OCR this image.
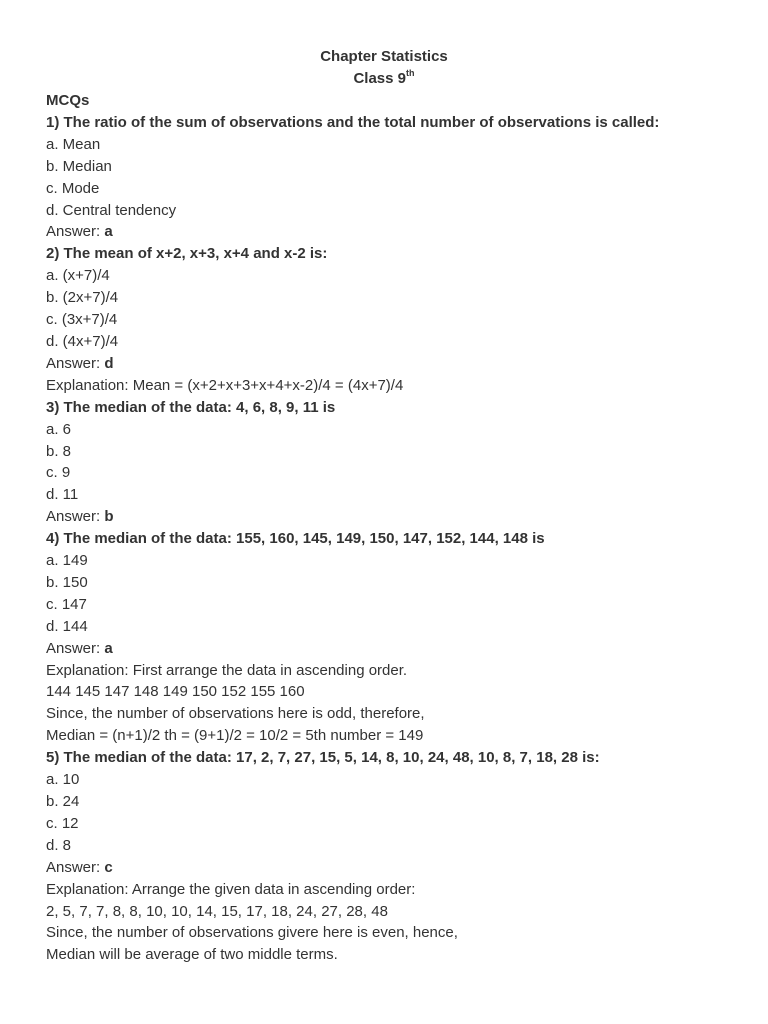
Chapter Statistics
Class 9th
MCQs
1) The ratio of the sum of observations and the total number of observations is called:
a. Mean
b. Median
c. Mode
d. Central tendency
Answer: a
2) The mean of x+2, x+3, x+4 and x-2 is:
a. (x+7)/4
b. (2x+7)/4
c. (3x+7)/4
d. (4x+7)/4
Answer: d
Explanation: Mean = (x+2+x+3+x+4+x-2)/4 = (4x+7)/4
3) The median of the data: 4, 6, 8, 9, 11 is
a. 6
b. 8
c. 9
d. 11
Answer: b
4) The median of the data: 155, 160, 145, 149, 150, 147, 152, 144, 148 is
a. 149
b. 150
c. 147
d. 144
Answer: a
Explanation: First arrange the data in ascending order.
144 145 147 148 149 150 152 155 160
Since, the number of observations here is odd, therefore,
Median = (n+1)/2 th = (9+1)/2 = 10/2 = 5th number = 149
5) The median of the data: 17, 2, 7, 27, 15, 5, 14, 8, 10, 24, 48, 10, 8, 7, 18, 28 is:
a. 10
b. 24
c. 12
d. 8
Answer: c
Explanation: Arrange the given data in ascending order:
2, 5, 7, 7, 8, 8, 10, 10, 14, 15, 17, 18, 24, 27, 28, 48
Since, the number of observations givere here is even, hence,
Median will be average of two middle terms.
